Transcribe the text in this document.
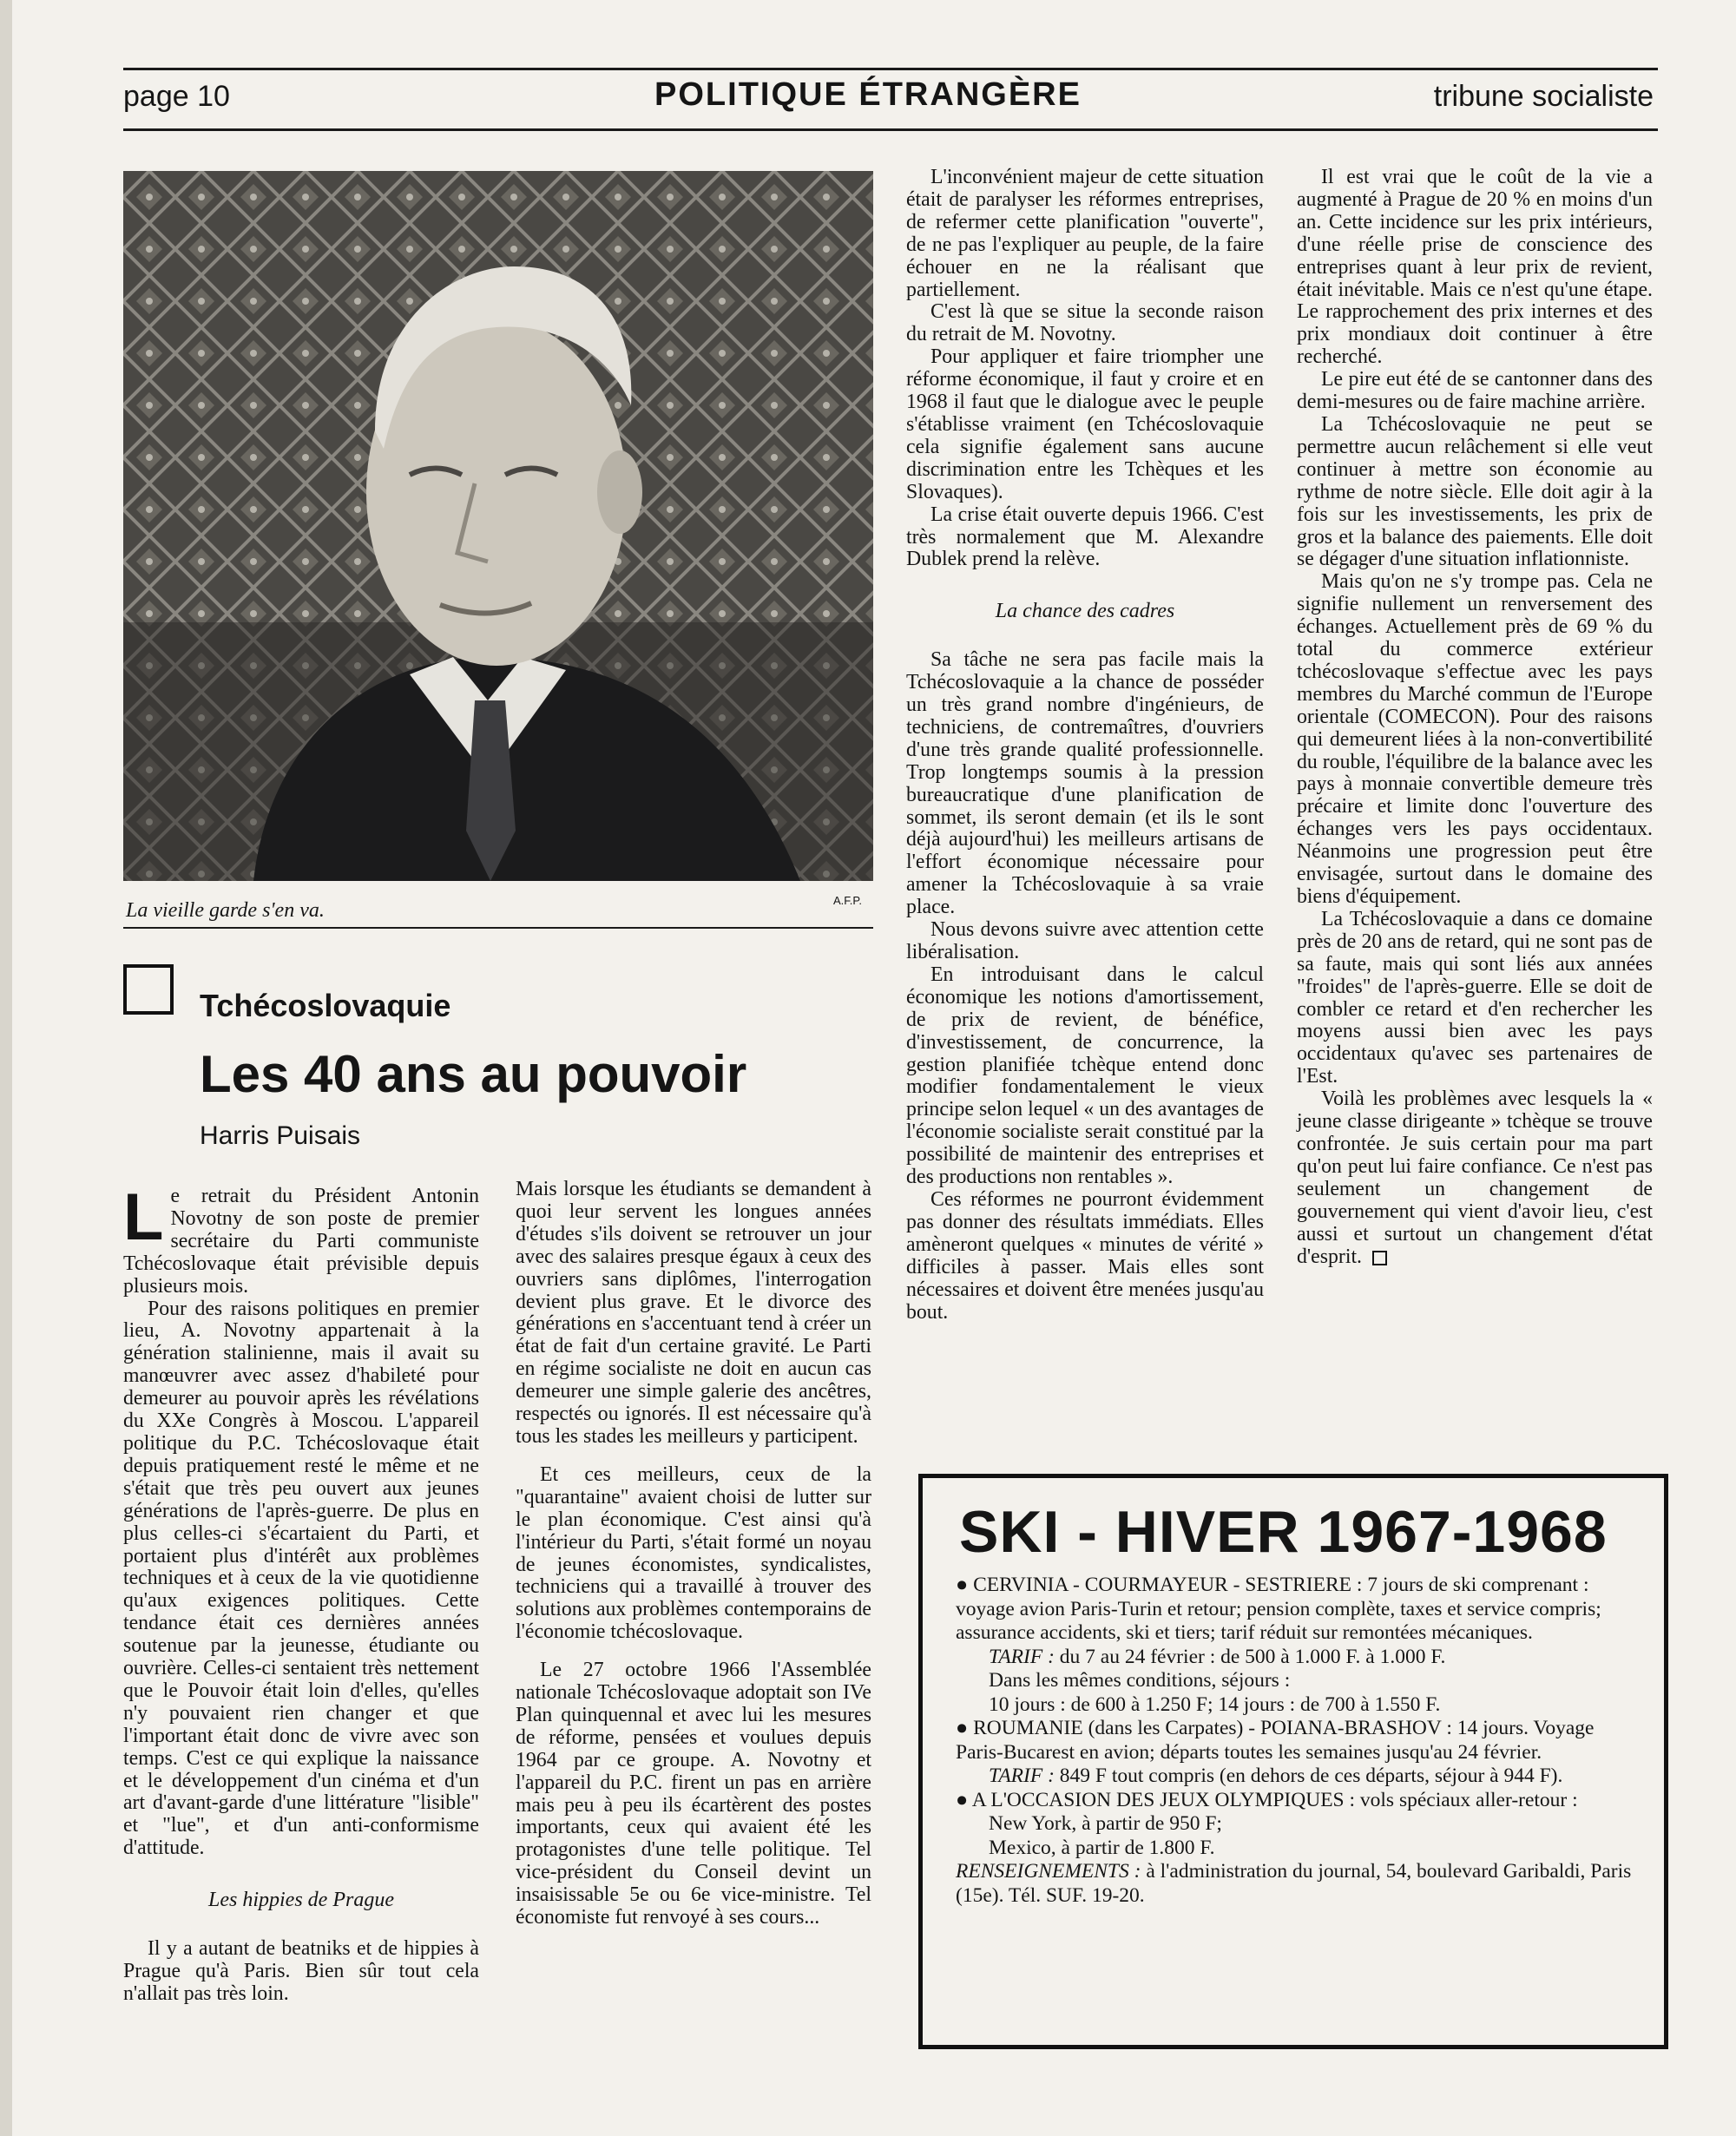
page 10	POLITIQUE ÉTRANGÈRE	tribune socialiste
La vieille garde s'en va.	A.F.P.
Tchécoslovaquie
Les 40 ans au pouvoir
Harris Puisais

Le retrait du Président Antonin Novotny de son poste de premier secrétaire du Parti communiste Tchécoslovaque était prévisible depuis plusieurs mois.

Pour des raisons politiques en premier lieu, A. Novotny appartenait à la génération stalinienne, mais il avait su manœuvrer avec assez d'habileté pour demeurer au pouvoir après les révélations du XXe Congrès à Moscou. L'appareil politique du P.C. Tchécoslovaque était depuis pratiquement resté le même et ne s'était que très peu ouvert aux jeunes générations de l'après-guerre. De plus en plus celles-ci s'écartaient du Parti, et portaient plus d'intérêt aux problèmes techniques et à ceux de la vie quotidienne qu'aux exigences politiques. Cette tendance était ces dernières années soutenue par la jeunesse, étudiante ou ouvrière. Celles-ci sentaient très nettement que le Pouvoir était loin d'elles, qu'elles n'y pouvaient rien changer et que l'important était donc de vivre avec son temps. C'est ce qui explique la naissance et le développement d'un cinéma et d'un art d'avant-garde d'une littérature "lisible" et "lue", et d'un anti-conformisme d'attitude.

Les hippies de Prague

Il y a autant de beatniks et de hippies à Prague qu'à Paris. Bien sûr tout cela n'allait pas très loin.

Mais lorsque les étudiants se demandent à quoi leur servent les longues années d'études s'ils doivent se retrouver un jour avec des salaires presque égaux à ceux des ouvriers sans diplômes, l'interrogation devient plus grave. Et le divorce des générations en s'accentuant tend à créer un état de fait d'un certaine gravité. Le Parti en régime socialiste ne doit en aucun cas demeurer une simple galerie des ancêtres, respectés ou ignorés. Il est nécessaire qu'à tous les stades les meilleurs y participent.

Et ces meilleurs, ceux de la "quarantaine" avaient choisi de lutter sur le plan économique. C'est ainsi qu'à l'intérieur du Parti, s'était formé un noyau de jeunes économistes, syndicalistes, techniciens qui a travaillé à trouver des solutions aux problèmes contemporains de l'économie tchécoslovaque.

Le 27 octobre 1966 l'Assemblée nationale Tchécoslovaque adoptait son IVe Plan quinquennal et avec lui les mesures de réforme, pensées et voulues depuis 1964 par ce groupe. A. Novotny et l'appareil du P.C. firent un pas en arrière mais peu à peu ils écartèrent des postes importants, ceux qui avaient été les protagonistes d'une telle politique. Tel vice-président du Conseil devint un insaisissable 5e ou 6e vice-ministre. Tel économiste fut renvoyé à ses cours...

L'inconvénient majeur de cette situation était de paralyser les réformes entreprises, de refermer cette planification "ouverte", de ne pas l'expliquer au peuple, de la faire échouer en ne la réalisant que partiellement.

C'est là que se situe la seconde raison du retrait de M. Novotny.

Pour appliquer et faire triompher une réforme économique, il faut y croire et en 1968 il faut que le dialogue avec le peuple s'établisse vraiment (en Tchécoslovaquie cela signifie également sans aucune discrimination entre les Tchèques et les Slovaques).

La crise était ouverte depuis 1966. C'est très normalement que M. Alexandre Dublek prend la relève.

La chance des cadres

Sa tâche ne sera pas facile mais la Tchécoslovaquie a la chance de posséder un très grand nombre d'ingénieurs, de techniciens, de contremaîtres, d'ouvriers d'une très grande qualité professionnelle. Trop longtemps soumis à la pression bureaucratique d'une planification de sommet, ils seront demain (et ils le sont déjà aujourd'hui) les meilleurs artisans de l'effort économique nécessaire pour amener la Tchécoslovaquie à sa vraie place.

Nous devons suivre avec attention cette libéralisation.

En introduisant dans le calcul économique les notions d'amortissement, de prix de revient, de bénéfice, d'investissement, de concurrence, la gestion planifiée tchèque entend donc modifier fondamentalement le vieux principe selon lequel « un des avantages de l'économie socialiste serait constitué par la possibilité de maintenir des entreprises et des productions non rentables ».

Ces réformes ne pourront évidemment pas donner des résultats immédiats. Elles amèneront quelques « minutes de vérité » difficiles à passer. Mais elles sont nécessaires et doivent être menées jusqu'au bout.

Il est vrai que le coût de la vie a augmenté à Prague de 20 % en moins d'un an. Cette incidence sur les prix intérieurs, d'une réelle prise de conscience des entreprises quant à leur prix de revient, était inévitable. Mais ce n'est qu'une étape. Le rapprochement des prix internes et des prix mondiaux doit continuer à être recherché.

Le pire eut été de se cantonner dans des demi-mesures ou de faire machine arrière.

La Tchécoslovaquie ne peut se permettre aucun relâchement si elle veut continuer à mettre son économie au rythme de notre siècle. Elle doit agir à la fois sur les investissements, les prix de gros et la balance des paiements. Elle doit se dégager d'une situation inflationniste.

Mais qu'on ne s'y trompe pas. Cela ne signifie nullement un renversement des échanges. Actuellement près de 69 % du total du commerce extérieur tchécoslovaque s'effectue avec les pays membres du Marché commun de l'Europe orientale (COMECON). Pour des raisons qui demeurent liées à la non-convertibilité du rouble, l'équilibre de la balance avec les pays à monnaie convertible demeure très précaire et limite donc l'ouverture des échanges vers les pays occidentaux. Néanmoins une progression peut être envisagée, surtout dans le domaine des biens d'équipement.

La Tchécoslovaquie a dans ce domaine près de 20 ans de retard, qui ne sont pas de sa faute, mais qui sont liés aux années "froides" de l'après-guerre. Elle se doit de combler ce retard et d'en rechercher les moyens aussi bien avec les pays occidentaux qu'avec ses partenaires de l'Est.

Voilà les problèmes avec lesquels la « jeune classe dirigeante » tchèque se trouve confrontée. Je suis certain pour ma part qu'on peut lui faire confiance. Ce n'est pas seulement un changement de gouvernement qui vient d'avoir lieu, c'est aussi et surtout un changement d'état d'esprit.

SKI - HIVER 1967-1968

● CERVINIA - COURMAYEUR - SESTRIERE : 7 jours de ski comprenant : voyage avion Paris-Turin et retour; pension complète, taxes et service compris; assurance accidents, ski et tiers; tarif réduit sur remontées mécaniques.

TARIF : du 7 au 24 février : de 500 à 1.000 F. à 1.000 F.

Dans les mêmes conditions, séjours :

10 jours : de 600 à 1.250 F; 14 jours : de 700 à 1.550 F.

● ROUMANIE (dans les Carpates) - POIANA-BRASHOV : 14 jours. Voyage Paris-Bucarest en avion; départs toutes les semaines jusqu'au 24 février.

TARIF : 849 F tout compris (en dehors de ces départs, séjour à 944 F).

● A L'OCCASION DES JEUX OLYMPIQUES : vols spéciaux aller-retour :

New York, à partir de 950 F;

Mexico, à partir de 1.800 F.

RENSEIGNEMENTS : à l'administration du journal, 54, boulevard Garibaldi, Paris (15e). Tél. SUF. 19-20.
